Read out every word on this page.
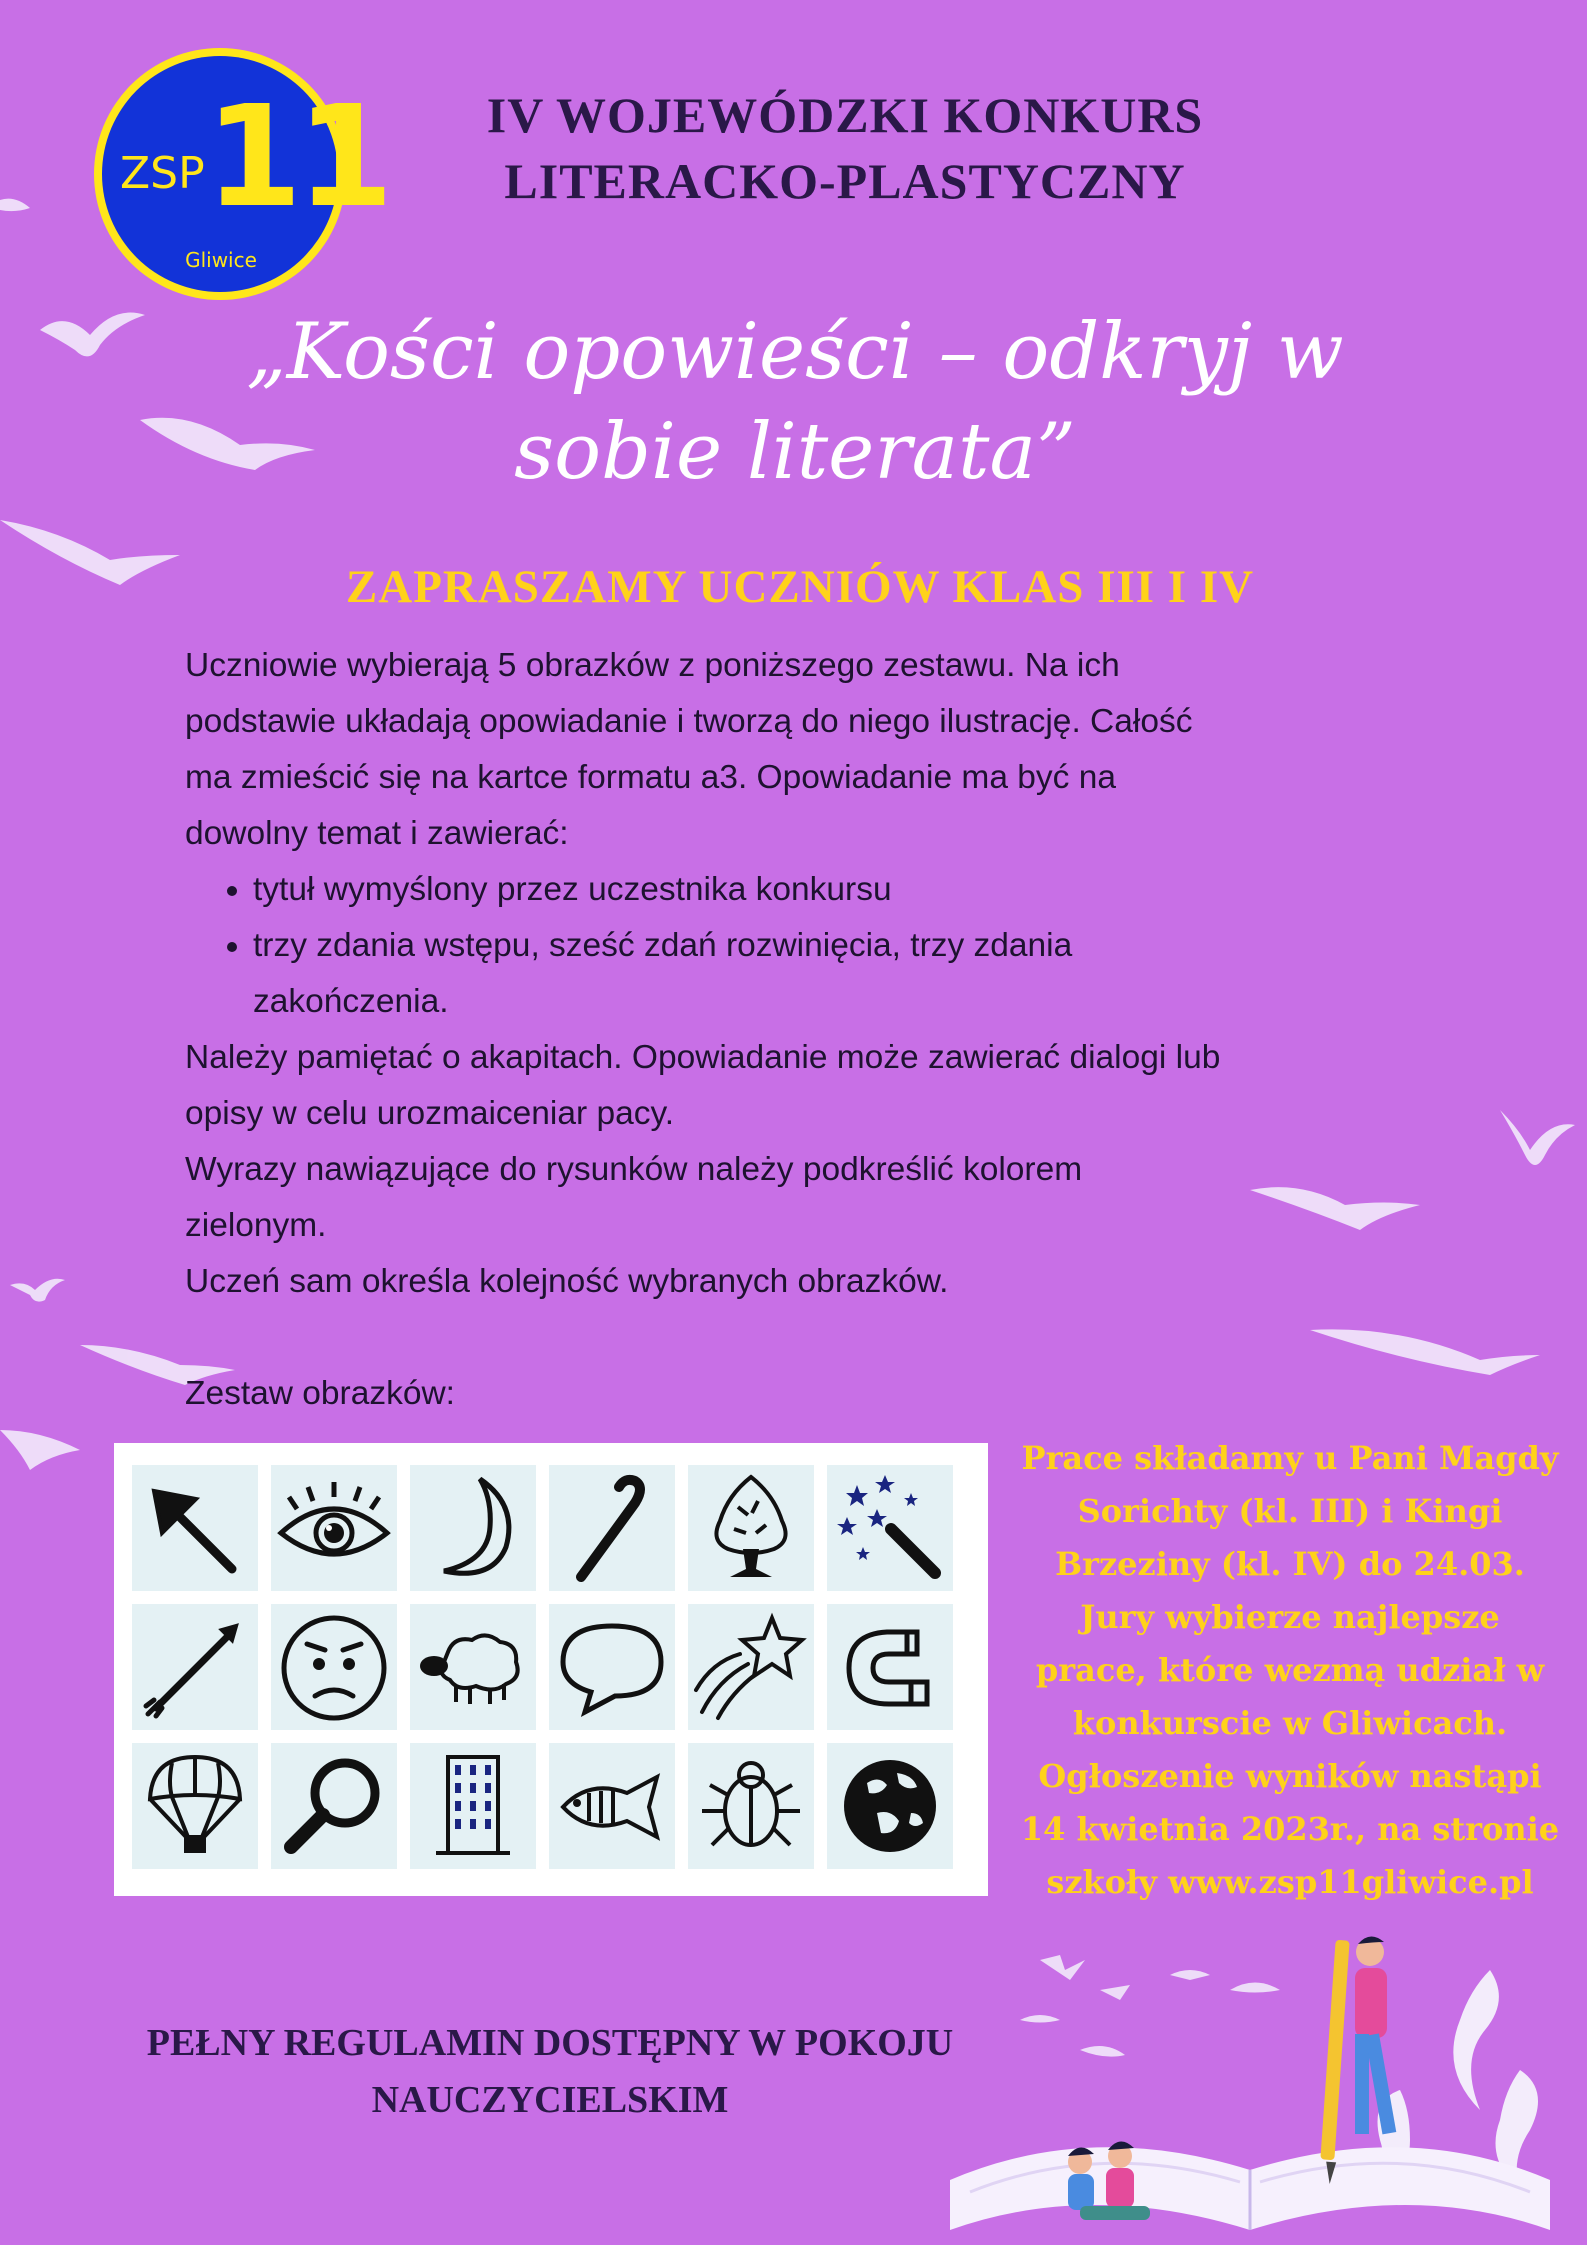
ZSP 11
Gliwice
IV WOJEWÓDZKI KONKURS
LITERACKO-PLASTYCZNY
„Kości opowieści – odkryj w
sobie literata”
ZAPRASZAMY UCZNIÓW KLAS III I IV

Uczniowie wybierają 5 obrazków z poniższego zestawu. Na ich

podstawie układają opowiadanie i tworzą do niego ilustrację. Całość

ma zmieścić się na kartce formatu a3. Opowiadanie ma być na

dowolny temat i zawierać:

• tytuł wymyślony przez uczestnika konkursu
• trzy zdania wstępu, sześć zdań rozwinięcia, trzy zdania zakończenia.

Należy pamiętać o akapitach. Opowiadanie może zawierać dialogi lub

opisy w celu urozmaiceniar pacy.

Wyrazy nawiązujące do rysunków należy podkreślić kolorem

zielonym.

Uczeń sam określa kolejność wybranych obrazków.

Zestaw obrazków:

Prace składamy u Pani Magdy
Sorichty (kl. III) i Kingi
Brzeziny (kl. IV) do 24.03.
Jury wybierze najlepsze
prace, które wezmą udział w
konkurscie w Gliwicach.
Ogłoszenie wyników nastąpi
14 kwietnia 2023r., na stronie
szkoły www.zsp11gliwice.pl
PEŁNY REGULAMIN DOSTĘPNY W POKOJU
NAUCZYCIELSKIM
